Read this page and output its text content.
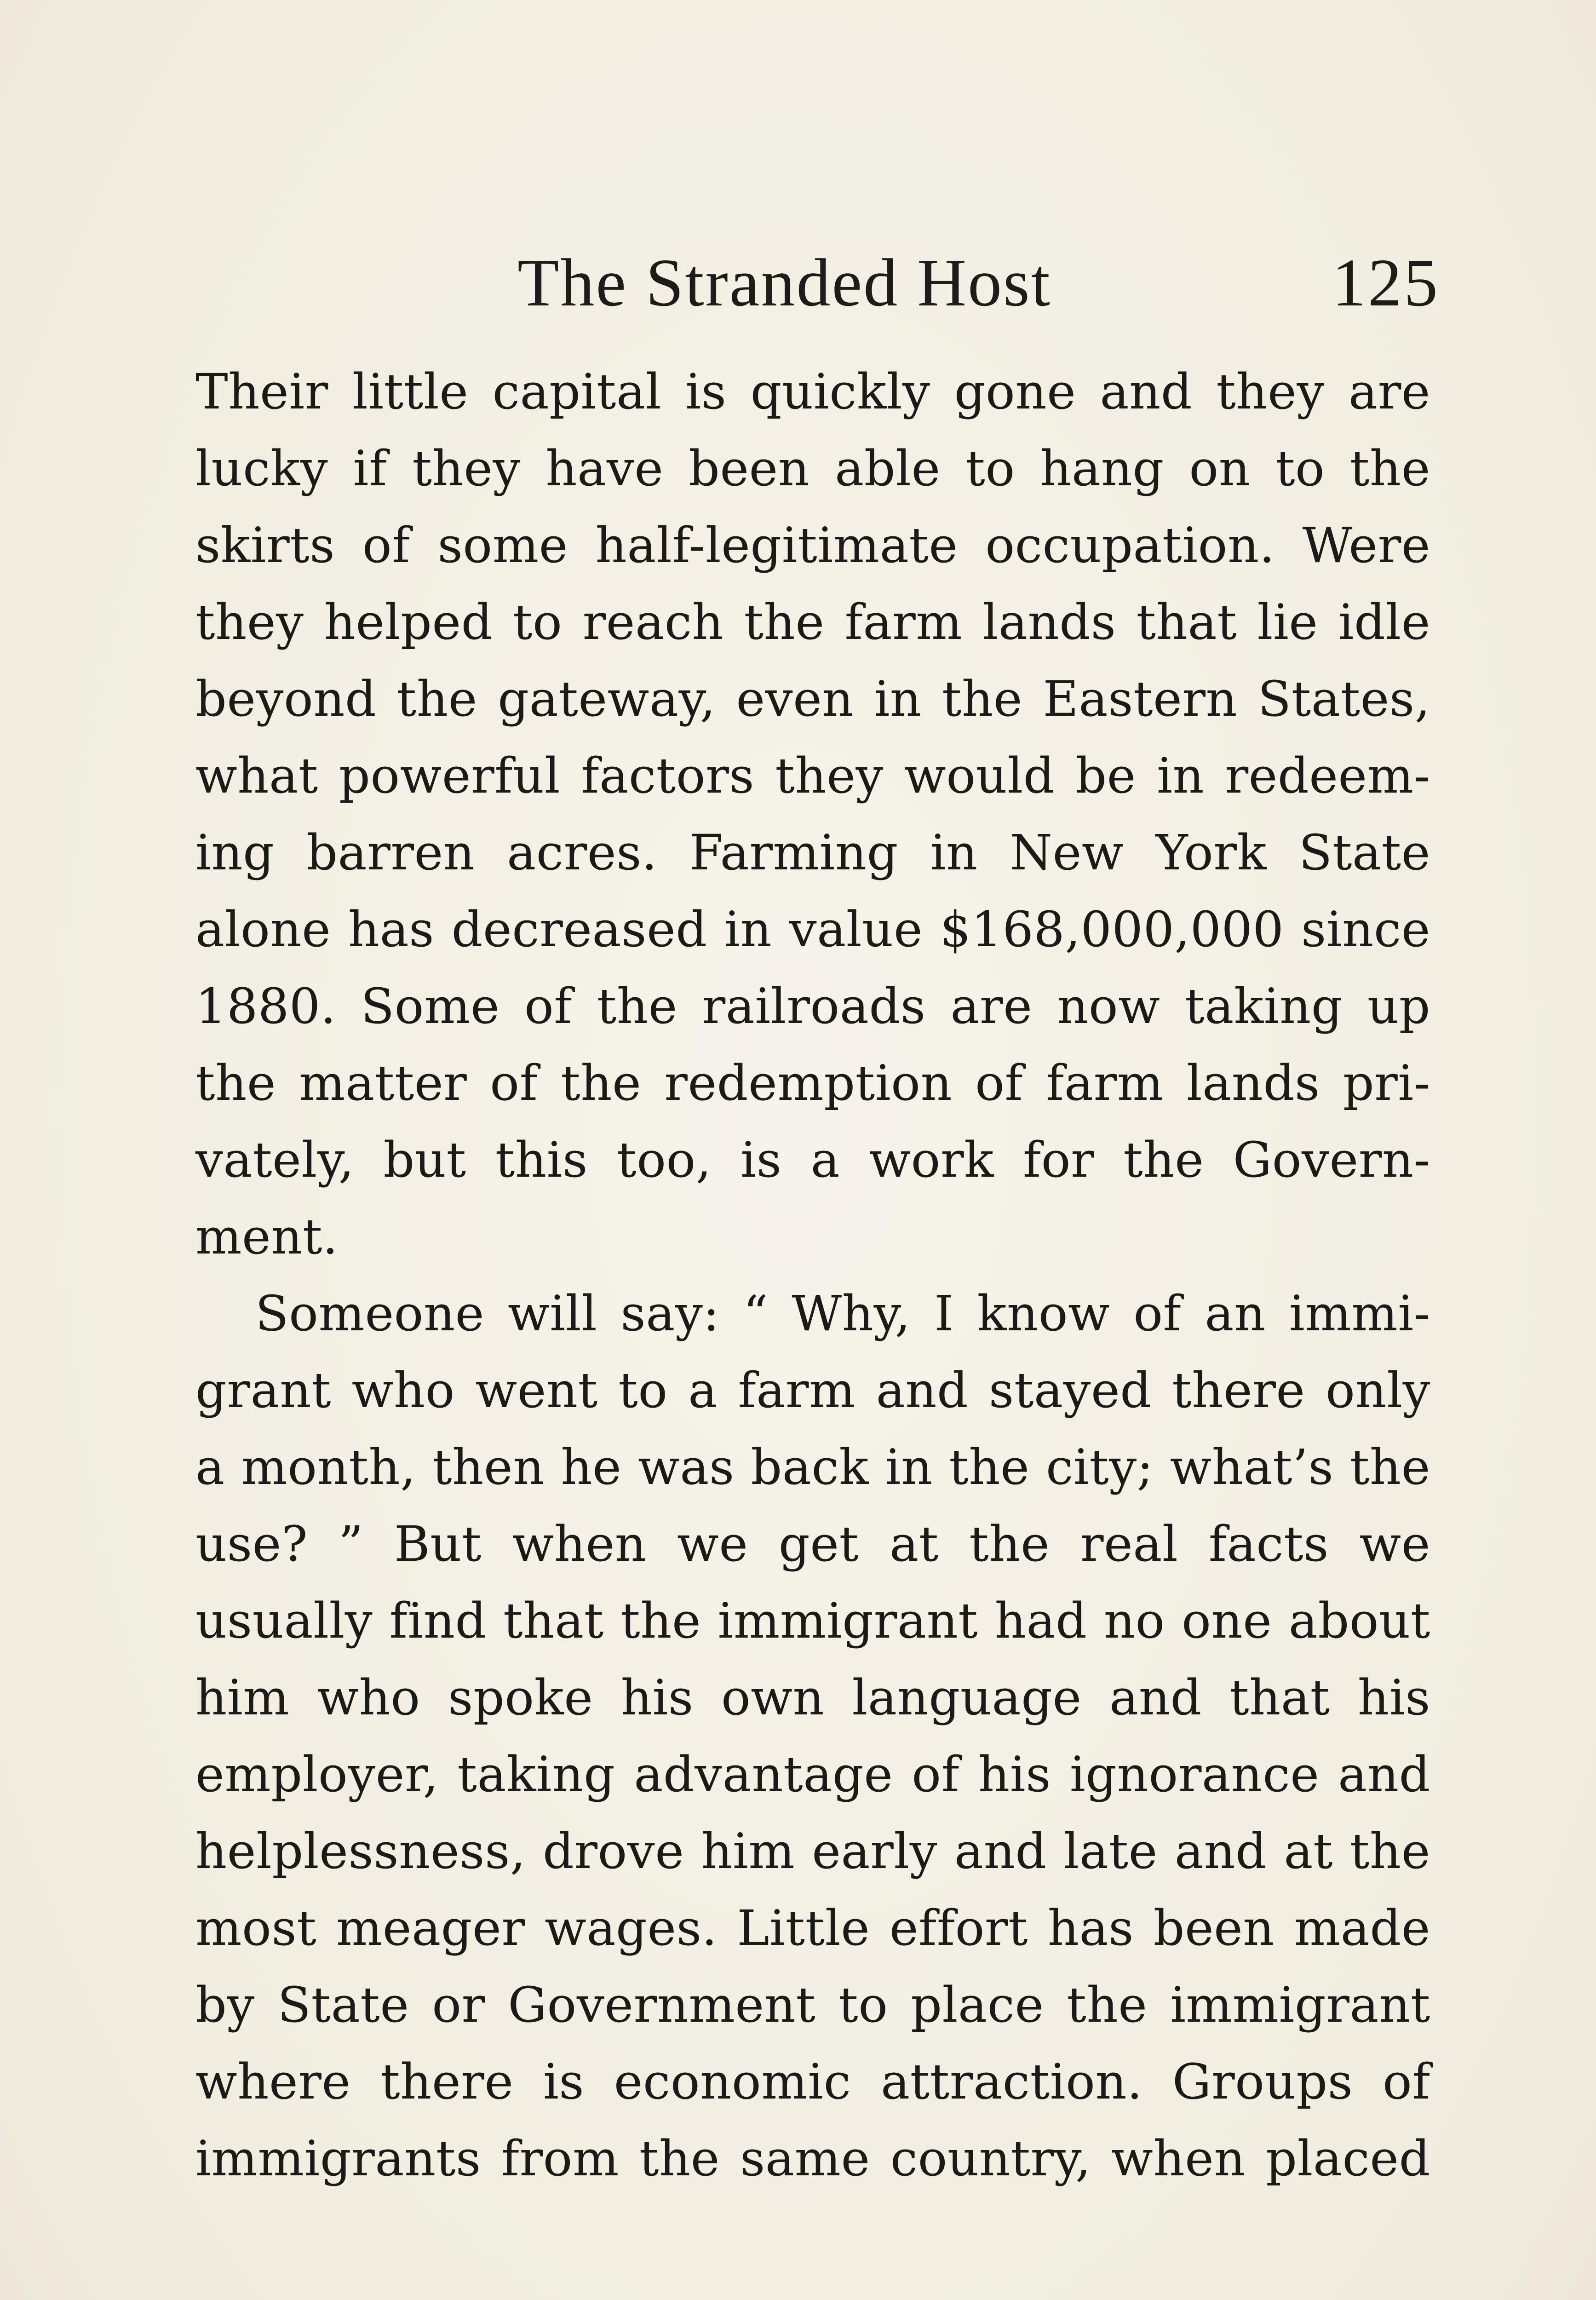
The Stranded Host	125
Their little capital is quickly gone and they are
lucky if they have been able to hang on to the
skirts of some half-legitimate occupation. Were
they helped to reach the farm lands that lie idle
beyond the gateway, even in the Eastern States,
what powerful factors they would be in redeem-
ing barren acres. Farming in New York State
alone has decreased in value $168,000,000 since
1880. Some of the railroads are now taking up
the matter of the redemption of farm lands pri-
vately, but this too, is a work for the Govern-
ment.
Someone will say: “ Why, I know of an immi-
grant who went to a farm and stayed there only
a month, then he was back in the city; what’s the
use? ” But when we get at the real facts we
usually find that the immigrant had no one about
him who spoke his own language and that his
employer, taking advantage of his ignorance and
helplessness, drove him early and late and at the
most meager wages. Little effort has been made
by State or Government to place the immigrant
where there is economic attraction. Groups of
immigrants from the same country, when placed
